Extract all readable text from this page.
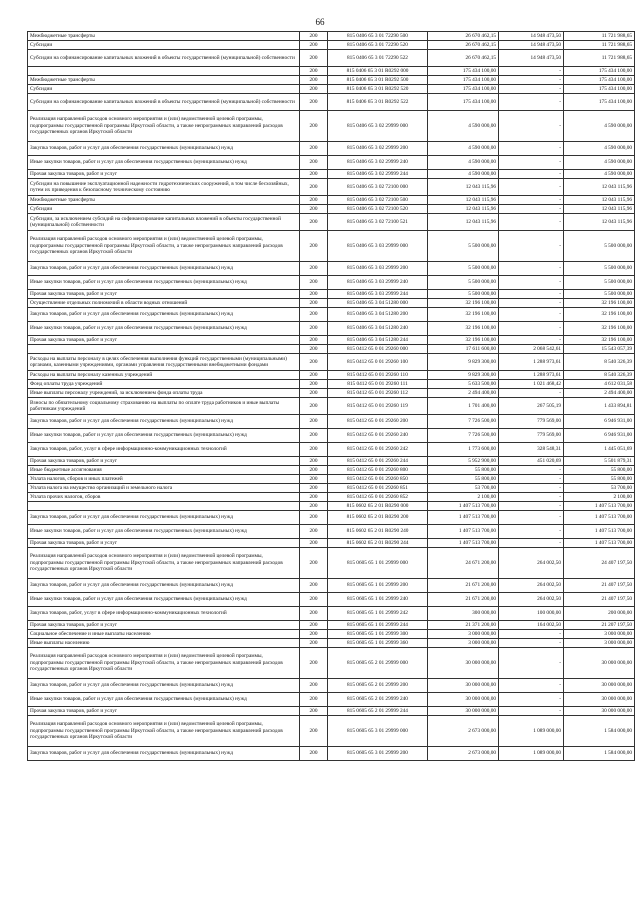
66
Межбюджетные трансферты	200	815 0406 65 3 01 72290 500	26 670 462,15	14 948 473,50	11 721 988,65
Субсидии	200	815 0406 65 3 01 72290 520	26 670 462,15	14 948 473,50	11 721 988,65
Субсидии на софинансирование капитальных вложений в объекты государственной (муниципальной) собственности	200	815 0406 65 3 01 72290 522	26 670 462,15	14 948 473,50	11 721 988,65
	200	815 0406 65 3 01 R0292 000	175 434 100,00	-	175 434 100,00
Межбюджетные трансферты	200	815 0406 65 3 01 R0292 500	175 434 100,00	-	175 434 100,00
Субсидии	200	815 0406 65 3 01 R0292 520	175 434 100,00	-	175 434 100,00
Субсидии на софинансирование капитальных вложений в объекты государственной (муниципальной) собственности	200	815 0406 65 3 01 R0292 522	175 434 100,00	-	175 434 100,00
Реализация направлений расходов основного мероприятия и (или) ведомственной целевой программы, подпрограммы государственной программы Иркутской области, а также непрограммных направлений расходов государственных органов Иркутской области	200	815 0406 65 3 02 29999 000	4 590 000,00	-	4 590 000,00
Закупка товаров, работ и услуг для обеспечения государственных (муниципальных) нужд	200	815 0406 65 3 02 29999 200	4 590 000,00	-	4 590 000,00
Иные закупки товаров, работ и услуг для обеспечения государственных (муниципальных) нужд	200	815 0406 65 3 02 29999 240	4 590 000,00	-	4 590 000,00
Прочая закупка товаров, работ и услуг	200	815 0406 65 3 02 29999 244	4 590 000,00	-	4 590 000,00
Субсидии на повышение эксплуатационной надежности гидротехнических сооружений, в том числе бесхозяйных, путем их приведения к безопасному техническому состоянию	200	815 0406 65 3 02 72100 000	12 043 115,96	-	12 043 115,96
Межбюджетные трансферты	200	815 0406 65 3 02 72100 500	12 043 115,96	-	12 043 115,96
Субсидии	200	815 0406 65 3 02 72100 520	12 043 115,96	-	12 043 115,96
Субсидии, за исключением субсидий на софинансирование капитальных вложений в объекты государственной (муниципальной) собственности	200	815 0406 65 3 02 72100 521	12 043 115,96	-	12 043 115,96
Реализация направлений расходов основного мероприятия и (или) ведомственной целевой программы, подпрограммы государственной программы Иркутской области, а также непрограммных направлений расходов государственных органов Иркутской области	200	815 0406 65 3 03 29999 000	5 500 000,00	-	5 500 000,00
Закупка товаров, работ и услуг для обеспечения государственных (муниципальных) нужд	200	815 0406 65 3 03 29999 200	5 500 000,00	-	5 500 000,00
Иные закупки товаров, работ и услуг для обеспечения государственных (муниципальных) нужд	200	815 0406 65 3 03 29999 240	5 500 000,00	-	5 500 000,00
Прочая закупка товаров, работ и услуг	200	815 0406 65 3 03 29999 244	5 500 000,00	-	5 500 000,00
Осуществление отдельных полномочий в области водных отношений	200	815 0406 65 3 04 51280 000	32 196 100,00	-	32 196 100,00
Закупка товаров, работ и услуг для обеспечения государственных (муниципальных) нужд	200	815 0406 65 3 04 51280 200	32 196 100,00	-	32 196 100,00
Иные закупки товаров, работ и услуг для обеспечения государственных (муниципальных) нужд	200	815 0406 65 3 04 51280 240	32 196 100,00	-	32 196 100,00
Прочая закупка товаров, работ и услуг	200	815 0406 65 3 04 51280 244	32 196 100,00	-	32 196 100,00
	200	815 0412 65 0 01 29260 000	17 611 600,00	2 068 542,61	15 543 057,39
Расходы на выплаты персоналу в целях обеспечения выполнения функций государственными (муниципальными) органами, казенными учреждениями, органами управления государственными внебюджетными фондами	200	815 0412 65 0 01 29260 100	9 829 300,00	1 288 973,61	8 540 326,39
Расходы на выплаты персоналу казенных учреждений	200	815 0412 65 0 01 29260 110	9 829 300,00	1 288 973,61	8 540 326,39
Фонд оплаты труда учреждений	200	815 0412 65 0 01 29260 111	5 633 500,00	1 021 468,42	4 612 031,58
Иные выплаты персоналу учреждений, за исключением фонда оплаты труда	200	815 0412 65 0 01 29260 112	2 494 400,00	-	2 494 400,00
Взносы по обязательному социальному страхованию на выплаты по оплате труда работников и иные выплаты работникам учреждений	200	815 0412 65 0 01 29260 119	1 701 400,00	267 505,19	1 433 894,81
Закупка товаров, работ и услуг для обеспечения государственных (муниципальных) нужд	200	815 0412 65 0 01 29260 200	7 726 500,00	779 569,00	6 946 931,00
Иные закупки товаров, работ и услуг для обеспечения государственных (муниципальных) нужд	200	815 0412 65 0 01 29260 240	7 726 500,00	779 569,00	6 946 931,00
Закупка товаров, работ, услуг в сфере информационно-коммуникационных технологий	200	815 0412 65 0 01 29260 242	1 773 600,00	328 548,31	1 445 051,69
Прочая закупка товаров, работ и услуг	200	815 0412 65 0 01 29260 244	5 952 900,00	451 020,69	5 501 879,31
Иные бюджетные ассигнования	200	815 0412 65 0 01 29260 800	55 800,00	-	55 800,00
Уплата налогов, сборов и иных платежей	200	815 0412 65 0 01 29260 850	55 800,00	-	55 800,00
Уплата налога на имущество организаций и земельного налога	200	815 0412 65 0 01 29260 851	53 700,00	-	53 700,00
Уплата прочих налогов, сборов	200	815 0412 65 0 01 29260 852	2 100,00	-	2 100,00
	200	815 0602 65 2 01 R0290 000	1 407 513 700,00	-	1 407 513 700,00
Закупка товаров, работ и услуг для обеспечения государственных (муниципальных) нужд	200	815 0602 65 2 01 R0290 200	1 407 513 700,00	-	1 407 513 700,00
Иные закупки товаров, работ и услуг для обеспечения государственных (муниципальных) нужд	200	815 0602 65 2 01 R0290 240	1 407 513 700,00	-	1 407 513 700,00
Прочая закупка товаров, работ и услуг	200	815 0602 65 2 01 R0290 244	1 407 513 700,00	-	1 407 513 700,00
Реализация направлений расходов основного мероприятия и (или) ведомственной целевой программы, подпрограммы государственной программы Иркутской области, а также непрограммных направлений расходов государственных органов Иркутской области	200	815 0605 65 1 01 29999 000	24 671 200,00	264 002,50	24 407 197,50
Закупка товаров, работ и услуг для обеспечения государственных (муниципальных) нужд	200	815 0605 65 1 01 29999 200	21 671 200,00	264 002,50	21 407 197,50
Иные закупки товаров, работ и услуг для обеспечения государственных (муниципальных) нужд	200	815 0605 65 1 01 29999 240	21 671 200,00	264 002,50	21 407 197,50
Закупка товаров, работ, услуг в сфере информационно-коммуникационных технологий	200	815 0605 65 1 01 29999 242	300 000,00	100 000,00	200 000,00
Прочая закупка товаров, работ и услуг	200	815 0605 65 1 01 29999 244	21 371 200,00	164 002,50	21 207 197,50
Социальное обеспечение и иные выплаты населению	200	815 0605 65 1 01 29999 300	3 000 000,00	-	3 000 000,00
Иные выплаты населению	200	815 0605 65 1 01 29999 360	3 000 000,00	-	3 000 000,00
Реализация направлений расходов основного мероприятия и (или) ведомственной целевой программы, подпрограммы государственной программы Иркутской области, а также непрограммных направлений расходов государственных органов Иркутской области	200	815 0605 65 2 01 29999 000	30 000 000,00	-	30 000 000,00
Закупка товаров, работ и услуг для обеспечения государственных (муниципальных) нужд	200	815 0605 65 2 01 29999 200	30 000 000,00	-	30 000 000,00
Иные закупки товаров, работ и услуг для обеспечения государственных (муниципальных) нужд	200	815 0605 65 2 01 29999 240	30 000 000,00	-	30 000 000,00
Прочая закупка товаров, работ и услуг	200	815 0605 65 2 01 29999 244	30 000 000,00	-	30 000 000,00
Реализация направлений расходов основного мероприятия и (или) ведомственной целевой программы, подпрограммы государственной программы Иркутской области, а также непрограммных направлений расходов государственных органов Иркутской области	200	815 0605 65 3 01 29999 000	2 673 000,00	1 089 000,00	1 584 000,00
Закупка товаров, работ и услуг для обеспечения государственных (муниципальных) нужд	200	815 0605 65 3 01 29999 200	2 673 000,00	1 089 000,00	1 584 000,00
